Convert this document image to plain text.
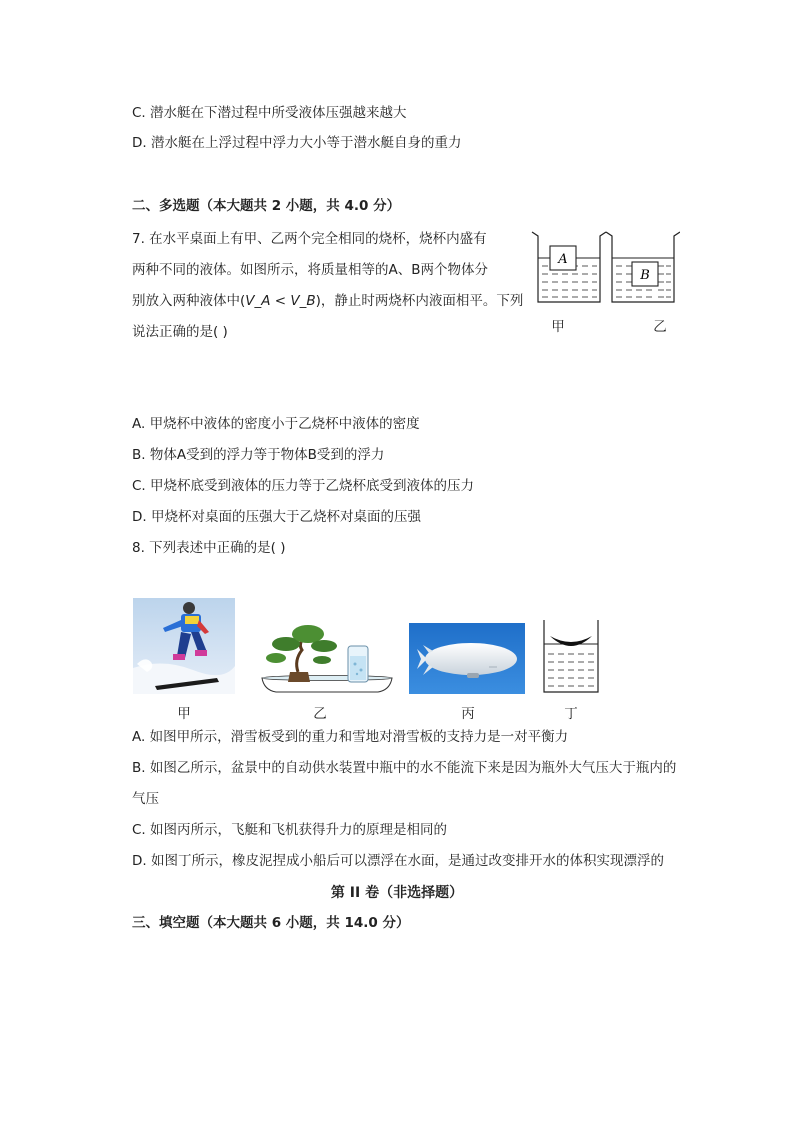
C. 潜水艇在下潜过程中所受液体压强越来越大
D. 潜水艇在上浮过程中浮力大小等于潜水艇自身的重力
二、多选题（本大题共 2 小题，共 4.0 分）
7. 在水平桌面上有甲、乙两个完全相同的烧杯，烧杯内盛有
两种不同的液体。如图所示，将质量相等的A、B两个物体分
别放入两种液体中(V_A < V_B)，静止时两烧杯内液面相平。下列
说法正确的是( )
A
B
甲	乙
A. 甲烧杯中液体的密度小于乙烧杯中液体的密度
B. 物体A受到的浮力等于物体B受到的浮力
C. 甲烧杯底受到液体的压力等于乙烧杯底受到液体的压力
D. 甲烧杯对桌面的压强大于乙烧杯对桌面的压强
8. 下列表述中正确的是( )
甲	乙	丙	丁
A. 如图甲所示，滑雪板受到的重力和雪地对滑雪板的支持力是一对平衡力
B. 如图乙所示，盆景中的自动供水装置中瓶中的水不能流下来是因为瓶外大气压大于瓶内的
气压
C. 如图丙所示，飞艇和飞机获得升力的原理是相同的
D. 如图丁所示，橡皮泥捏成小船后可以漂浮在水面，是通过改变排开水的体积实现漂浮的
第 II 卷（非选择题）
三、填空题（本大题共 6 小题，共 14.0 分）
